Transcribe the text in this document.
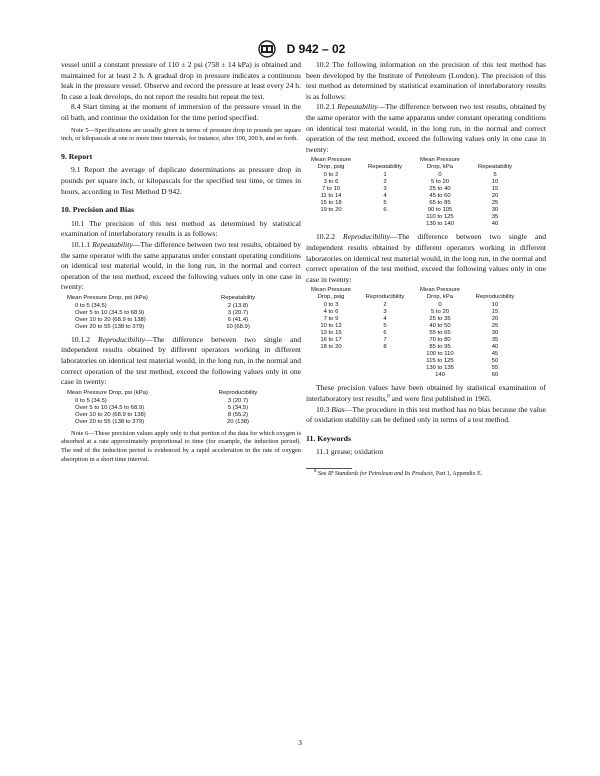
D 942 – 02

vessel until a constant pressure of 110 ± 2 psi (758 ± 14 kPa) is obtained and maintained for at least 2 h. A gradual drop in pressure indicates a continuous leak in the pressure vessel. Observe and record the pressure at least every 24 h. In case a leak develops, do not report the results but repeat the test.

8.4 Start timing at the moment of immersion of the pressure vessel in the oil bath, and continue the oxidation for the time period specified.

Note 5—Specifications are usually given in terms of pressure drop in pounds per square inch, or kilopascals at one or more time intervals, for instance, after 100, 200 h, and so forth.

9. Report

9.1 Report the average of duplicate determinations as pressure drop in pounds per square inch, or kilopascals for the specified test time, or times in hours, according to Test Method D 942.

10. Precision and Bias

10.1 The precision of this test method as determined by statistical examination of interlaboratory results is as follows:

10.1.1 Repeatability—The difference between two test results, obtained by the same operator with the same apparatus under constant operating conditions on identical test material would, in the long run, in the normal and correct operation of the test method, exceed the following values only in one case in twenty:

Mean Pressure Drop, psi (kPa)	Repeatability
0 to 5 (34.5)	2 (13.8)
Over 5 to 10 (34.5 to 68.9)	3 (20.7)
Over 10 to 20 (68.9 to 138)	6 (41.4)
Over 20 to 55 (138 to 379)	10 (68.9)

10.1.2 Reproducibility—The difference between two single and independent results obtained by different operators working in different laboratories on identical test material would, in the long run, in the normal and correct operation of the test method, exceed the following values only in one case in twenty:

Mean Pressure Drop, psi (kPa)	Reproducibility
0 to 5 (34.5)	3 (20.7)
Over 5 to 10 (34.5 to 68.9)	5 (34.5)
Over 10 to 20 (68.9 to 138)	8 (55.2)
Over 20 to 55 (138 to 379)	20 (138)

Note 6—These precision values apply only to that portion of the data for which oxygen is absorbed at a rate approximately proportional to time (for example, the induction period). The end of the induction period is evidenced by a rapid acceleration in the rate of oxygen absorption in a short time interval.

10.2 The following information on the precision of this test method has been developed by the Institute of Petroleum (London). The precision of this test method as determined by statistical examination of interlaboratory results is as follows:

10.2.1 Repeatability—The difference between two test results, obtained by the same operator with the same apparatus under constant operating conditions on identical test material would, in the long run, in the normal and correct operation of the test method, exceed the following values only in one case in twenty:

Mean Pressure Drop, psig	Repeatability	Mean Pressure Drop, kPa	Repeatability
0 to 2	1	0	5
3 to 6	2	5 to 20	10
7 to 10	3	25 to 40	15
11 to 14	4	45 to 60	20
15 to 18	5	65 to 85	25
19 to 20	6	90 to 105	30
		110 to 125	35
		130 to 140	40

10.2.2 Reproducibility—The difference between two single and independent results obtained by different operators working in different laboratories on identical test material would, in the long run, in the normal and correct operation of the test method, exceed the following values only in one case in twenty:

Mean Pressure Drop, psig	Reproducibility	Mean Pressure Drop, kPa	Reproducibility
0 to 3	2	0	10
4 to 6	3	5 to 20	15
7 to 9	4	25 to 35	20
10 to 12	5	40 to 50	25
13 to 15	6	55 to 65	30
16 to 17	7	70 to 80	35
18 to 20	8	85 to 95	40
		100 to 110	45
		115 to 125	50
		130 to 135	55
		140	60

These precision values have been obtained by statistical examination of interlaboratory test results,$^8$ and were first published in 1965.

10.3 Bias—The procedure in this test method has no bias because the value of oxidation stability can be defined only in terms of a test method.

11. Keywords

11.1 grease; oxidation

$^8$ See IP Standards for Petroleum and Its Products, Part 1, Appendix E.

3
